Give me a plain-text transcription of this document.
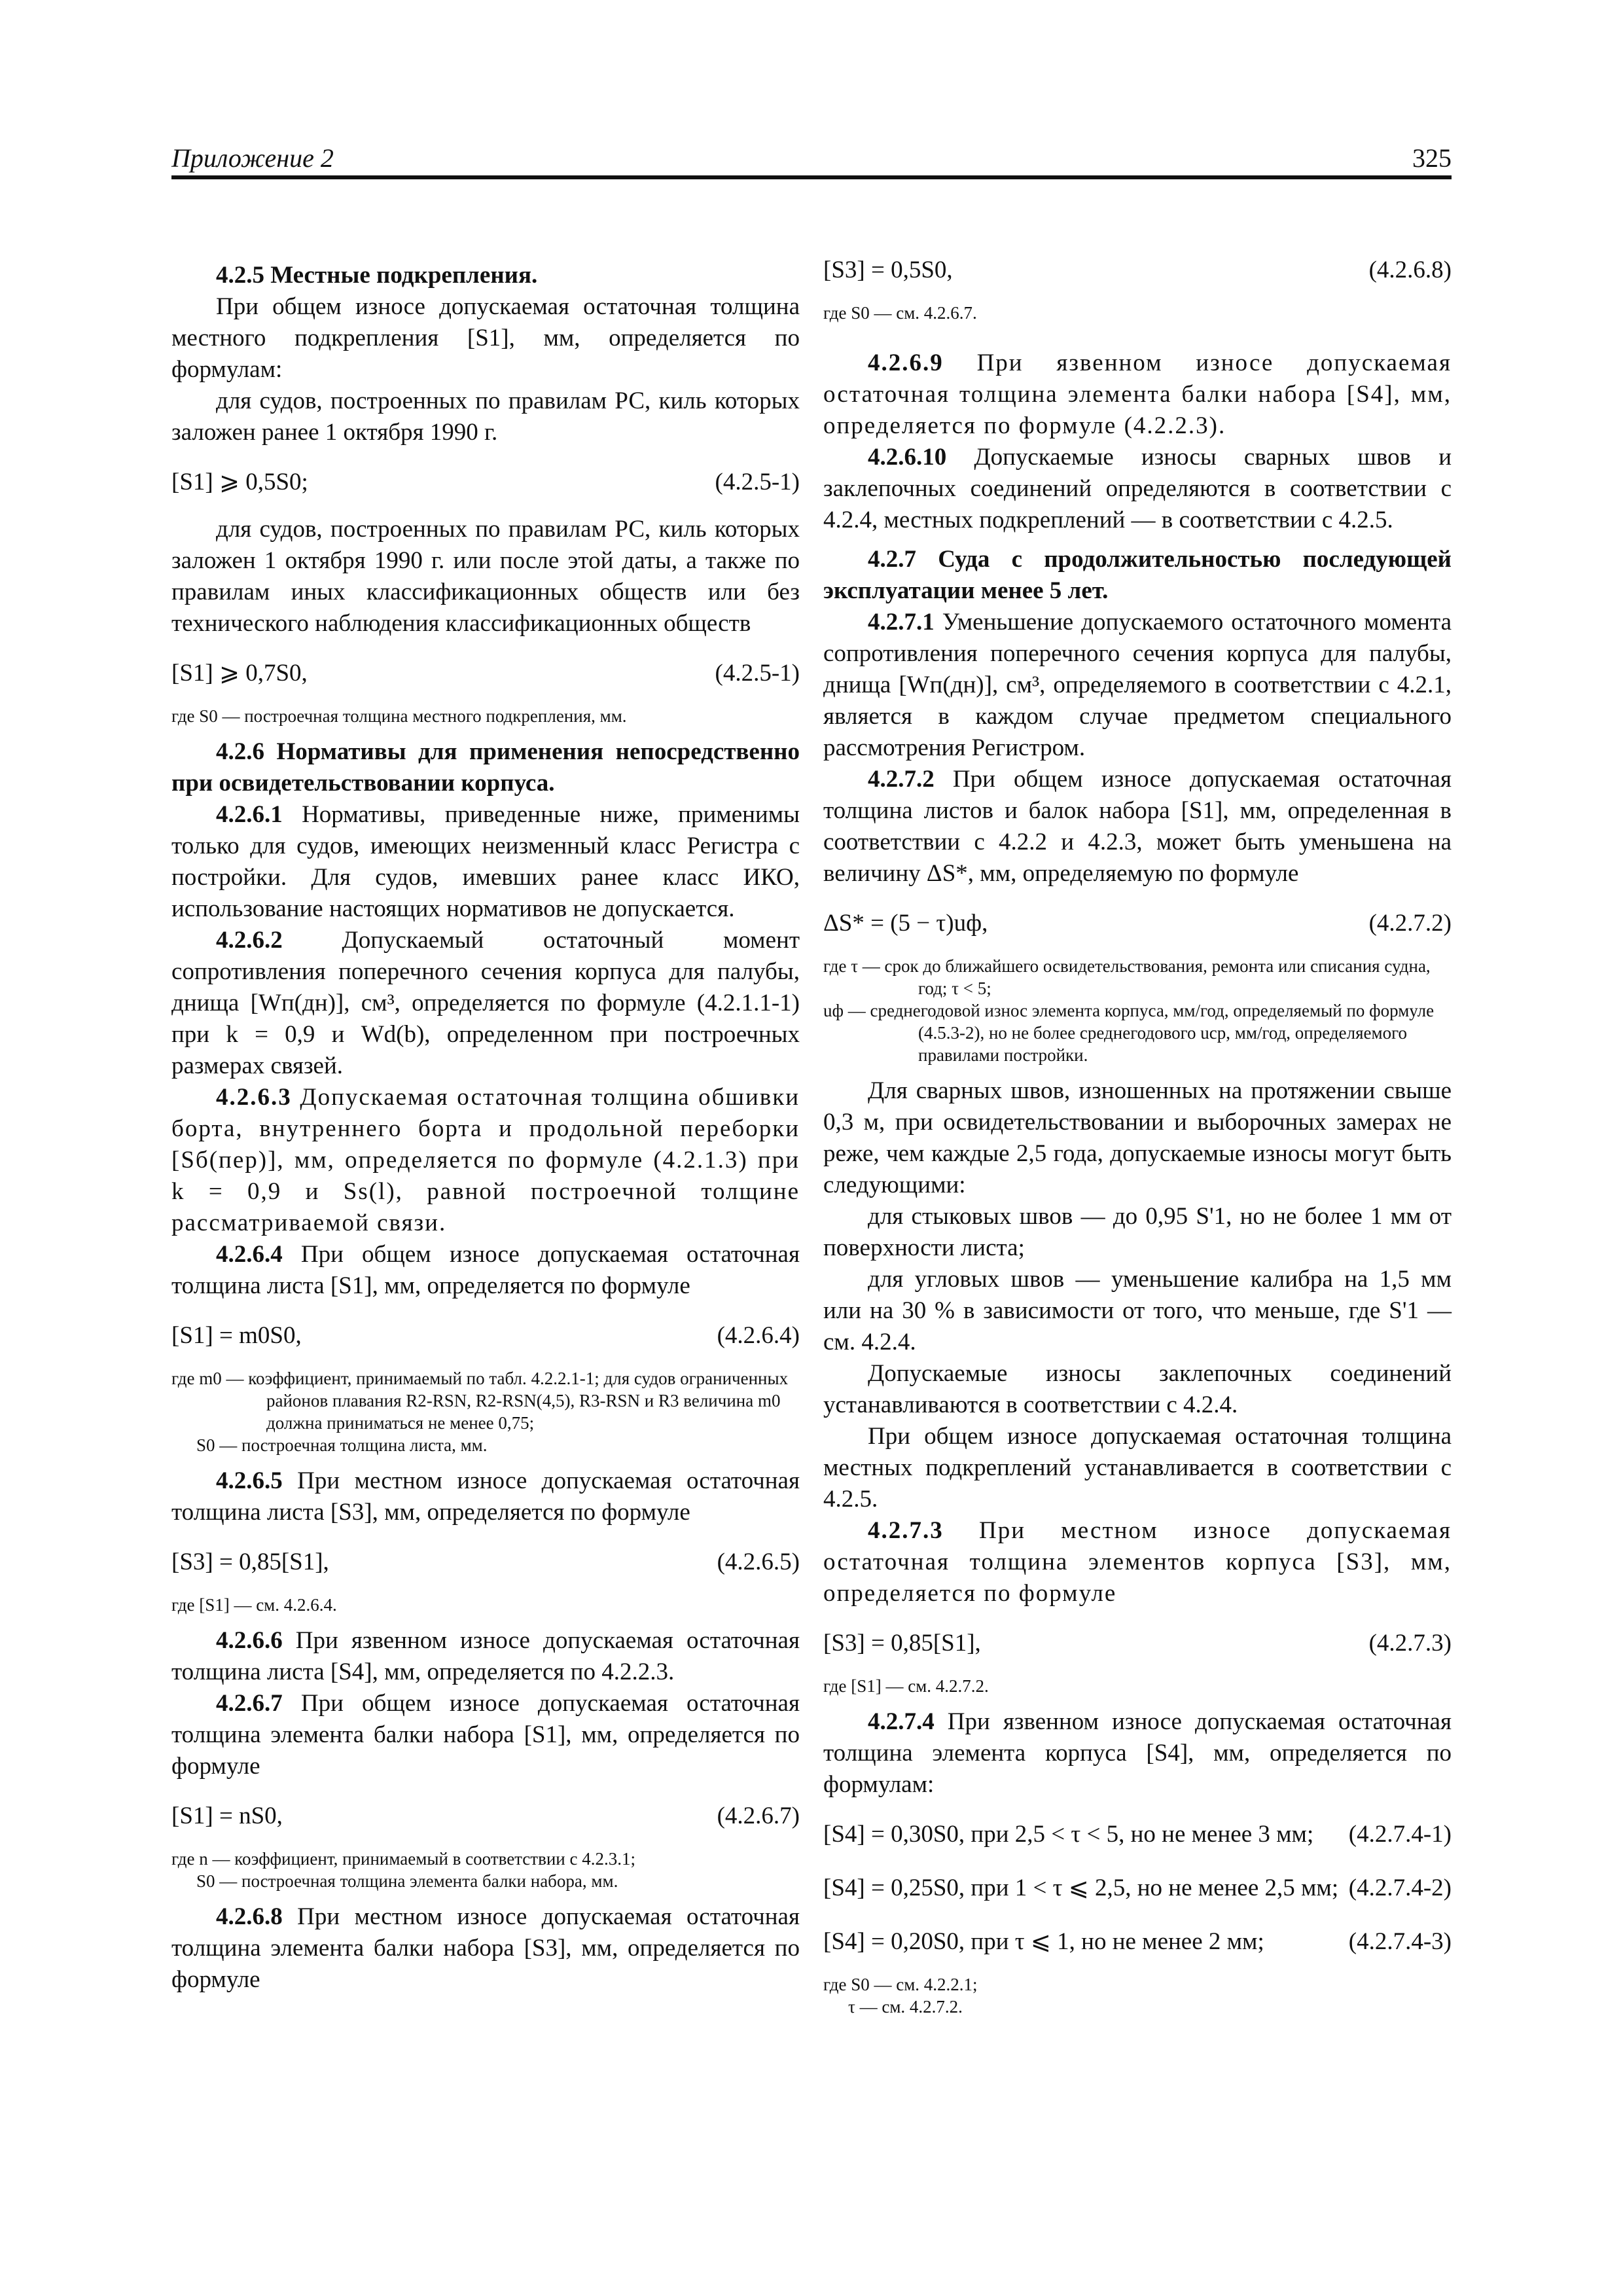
Приложение 2	325

4.2.5 Местные подкрепления.

При общем износе допускаемая остаточная толщина местного подкрепления [S1], мм, определяется по формулам:

для судов, построенных по правилам РС, киль которых заложен ранее 1 октября 1990 г.

[S1] ⩾ 0,5S0;	(4.2.5-1)

для судов, построенных по правилам РС, киль которых заложен 1 октября 1990 г. или после этой даты, а также по правилам иных классификационных обществ или без технического наблюдения классификационных обществ

[S1] ⩾ 0,7S0,	(4.2.5-1)
где S0 — построечная толщина местного подкрепления, мм.

4.2.6 Нормативы для применения непосредственно при освидетельствовании корпуса.

4.2.6.1 Нормативы, приведенные ниже, применимы только для судов, имеющих неизменный класс Регистра с постройки. Для судов, имевших ранее класс ИКО, использование настоящих нормативов не допускается.

4.2.6.2 Допускаемый остаточный момент сопротивления поперечного сечения корпуса для палубы, днища [Wп(дн)], см³, определяется по формуле (4.2.1.1-1) при k = 0,9 и Wd(b), определенном при построечных размерах связей.

4.2.6.3 Допускаемая остаточная толщина обшивки борта, внутреннего борта и продольной переборки [Sб(пер)], мм, определяется по формуле (4.2.1.3) при k = 0,9 и Ss(l), равной построечной толщине рассматриваемой связи.

4.2.6.4 При общем износе допускаемая остаточная толщина листа [S1], мм, определяется по формуле

[S1] = m0S0,	(4.2.6.4)
где m0 — коэффициент, принимаемый по табл. 4.2.2.1-1; для судов ограниченных районов плавания R2-RSN, R2-RSN(4,5), R3-RSN и R3 величина m0 должна приниматься не менее 0,75;
S0 — построечная толщина листа, мм.

4.2.6.5 При местном износе допускаемая остаточная толщина листа [S3], мм, определяется по формуле

[S3] = 0,85[S1],	(4.2.6.5)
где [S1] — см. 4.2.6.4.

4.2.6.6 При язвенном износе допускаемая остаточная толщина листа [S4], мм, определяется по 4.2.2.3.

4.2.6.7 При общем износе допускаемая остаточная толщина элемента балки набора [S1], мм, определяется по формуле

[S1] = nS0,	(4.2.6.7)
где n — коэффициент, принимаемый в соответствии с 4.2.3.1;
S0 — построечная толщина элемента балки набора, мм.

4.2.6.8 При местном износе допускаемая остаточная толщина элемента балки набора [S3], мм, определяется по формуле

[S3] = 0,5S0,	(4.2.6.8)
где S0 — см. 4.2.6.7.

4.2.6.9 При язвенном износе допускаемая остаточная толщина элемента балки набора [S4], мм, определяется по формуле (4.2.2.3).

4.2.6.10 Допускаемые износы сварных швов и заклепочных соединений определяются в соответствии с 4.2.4, местных подкреплений — в соответствии с 4.2.5.

4.2.7 Суда с продолжительностью последующей эксплуатации менее 5 лет.

4.2.7.1 Уменьшение допускаемого остаточного момента сопротивления поперечного сечения корпуса для палубы, днища [Wп(дн)], см³, определяемого в соответствии с 4.2.1, является в каждом случае предметом специального рассмотрения Регистром.

4.2.7.2 При общем износе допускаемая остаточная толщина листов и балок набора [S1], мм, определенная в соответствии с 4.2.2 и 4.2.3, может быть уменьшена на величину ΔS*, мм, определяемую по формуле

ΔS* = (5 − τ)uф,	(4.2.7.2)
где τ — срок до ближайшего освидетельствования, ремонта или списания судна, год; τ < 5;
uф — среднегодовой износ элемента корпуса, мм/год, определяемый по формуле (4.5.3-2), но не более среднегодового uср, мм/год, определяемого правилами постройки.

Для сварных швов, изношенных на протяжении свыше 0,3 м, при освидетельствовании и выборочных замерах не реже, чем каждые 2,5 года, допускаемые износы могут быть следующими:

для стыковых швов — до 0,95 S'1, но не более 1 мм от поверхности листа;

для угловых швов — уменьшение калибра на 1,5 мм или на 30 % в зависимости от того, что меньше, где S'1 — см. 4.2.4.

Допускаемые износы заклепочных соединений устанавливаются в соответствии с 4.2.4.

При общем износе допускаемая остаточная толщина местных подкреплений устанавливается в соответствии с 4.2.5.

4.2.7.3 При местном износе допускаемая остаточная толщина элементов корпуса [S3], мм, определяется по формуле

[S3] = 0,85[S1],	(4.2.7.3)
где [S1] — см. 4.2.7.2.

4.2.7.4 При язвенном износе допускаемая остаточная толщина элемента корпуса [S4], мм, определяется по формулам:

[S4] = 0,30S0, при 2,5 < τ < 5, но не менее 3 мм; (4.2.7.4-1)
[S4] = 0,25S0, при 1 < τ ⩽ 2,5, но не менее 2,5 мм; (4.2.7.4-2)
[S4] = 0,20S0, при τ ⩽ 1, но не менее 2 мм;	(4.2.7.4-3)
где S0 — см. 4.2.2.1;
τ — см. 4.2.7.2.
